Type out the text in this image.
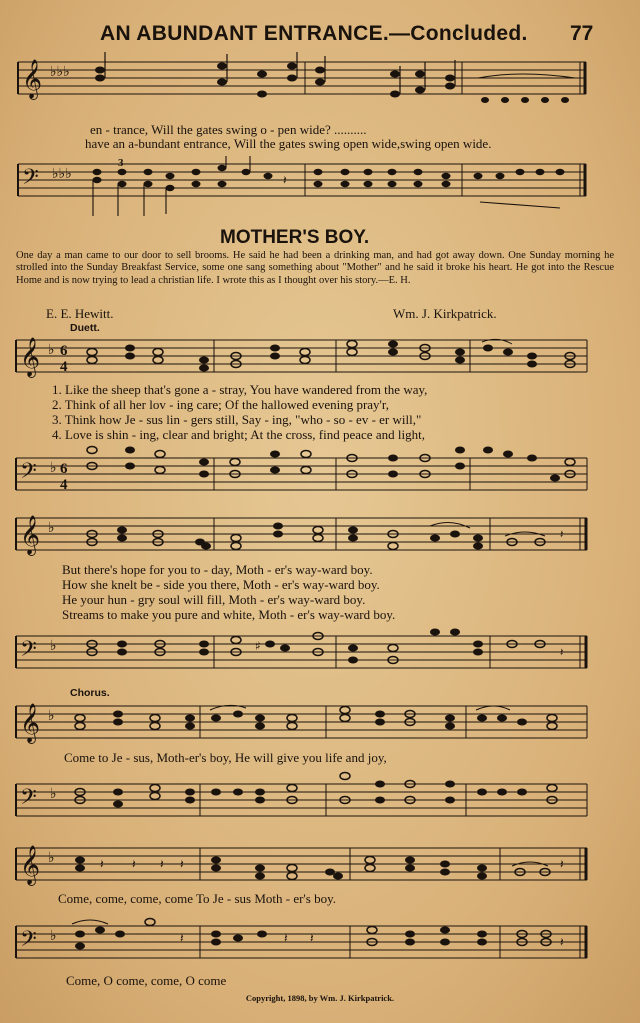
AN ABUNDANT ENTRANCE.—Concluded. 77
𝄞 ♭♭♭
en - trance, Will the gates swing o - pen wide? ..........
have an a-bundant entrance, Will the gates swing open wide,swing open wide.
𝄢 ♭♭♭
3
𝄽
MOTHER'S BOY.
One day a man came to our door to sell brooms. He said he had been a drinking man, and had got away down. One Sunday morning he strolled into the Sunday Breakfast Service, some one sang something about "Mother" and he said it broke his heart. He got into the Rescue Home and is now trying to lead a christian life. I wrote this as I thought over his story.—E. H.
E. E. Hewitt.	Wm. J. Kirkpatrick.
Duett.
𝄞 ♭ 6
4
1. Like the sheep that's gone a - stray, You have wandered from the way,
2. Think of all her lov - ing care; Of the hallowed evening pray'r,
3. Think how Je - sus lin - gers still, Say - ing, "who - so - ev - er will,"
4. Love is shin - ing, clear and bright; At the cross, find peace and light,
𝄢 ♭ 6
4
𝄞 ♭	𝄽
But there's hope for you to - day, Moth - er's way-ward boy.
How she knelt be - side you there, Moth - er's way-ward boy.
He your hun - gry soul will fill, Moth - er's way-ward boy.
Streams to make you pure and white, Moth - er's way-ward boy.
𝄢 ♭	♯	𝄽
Chorus.
𝄞 ♭
Come to Je - sus, Moth-er's boy, He will give you life and joy,
𝄢 ♭
𝄞 ♭	𝄽 𝄽 𝄽 𝄽	𝄽
Come, come, come, come To Je - sus Moth - er's boy.
𝄢 ♭	𝄽	𝄽 𝄽	𝄽
Come, O come, come, O come
Copyright, 1898, by Wm. J. Kirkpatrick.
